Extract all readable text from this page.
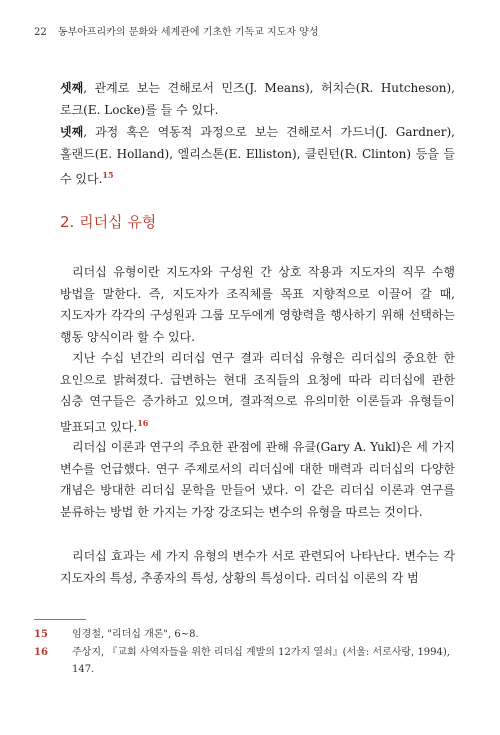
22 동부아프리카의 문화와 세계관에 기초한 기독교 지도자 양성
셋째, 관계로 보는 견해로서 민즈(J. Means), 허치슨(R. Hutcheson), 로크(E. Locke)를 들 수 있다.
넷째, 과정 혹은 역동적 과정으로 보는 견해로서 가드너(J. Gardner), 홀랜드(E. Holland), 엘리스톤(E. Elliston), 클린턴(R. Clinton) 등을 들 수 있다.$^{15}$
2. 리더십 유형
리더십 유형이란 지도자와 구성원 간 상호 작용과 지도자의 직무 수행 방법을 말한다. 즉, 지도자가 조직체를 목표 지향적으로 이끌어 갈 때, 지도자가 각각의 구성원과 그룹 모두에게 영향력을 행사하기 위해 선택하는 행동 양식이라 할 수 있다.
지난 수십 년간의 리더십 연구 결과 리더십 유형은 리더십의 중요한 한 요인으로 밝혀졌다. 급변하는 현대 조직들의 요청에 따라 리더십에 관한 심층 연구들은 증가하고 있으며, 결과적으로 유의미한 이론들과 유형들이 발표되고 있다.$^{16}$
리더십 이론과 연구의 주요한 관점에 관해 유클(Gary A. Yukl)은 세 가지 변수를 언급했다. 연구 주제로서의 리더십에 대한 매력과 리더십의 다양한 개념은 방대한 리더십 문학을 만들어 냈다. 이 같은 리더십 이론과 연구를 분류하는 방법 한 가지는 가장 강조되는 변수의 유형을 따르는 것이다.
리더십 효과는 세 가지 유형의 변수가 서로 관련되어 나타난다. 변수는 각 지도자의 특성, 추종자의 특성, 상황의 특성이다. 리더십 이론의 각 범
15	임경철, "리더십 개론", 6~8.
16	주상지, 『교회 사역자들을 위한 리더십 계발의 12가지 열쇠』(서울: 서로사랑, 1994), 147.
